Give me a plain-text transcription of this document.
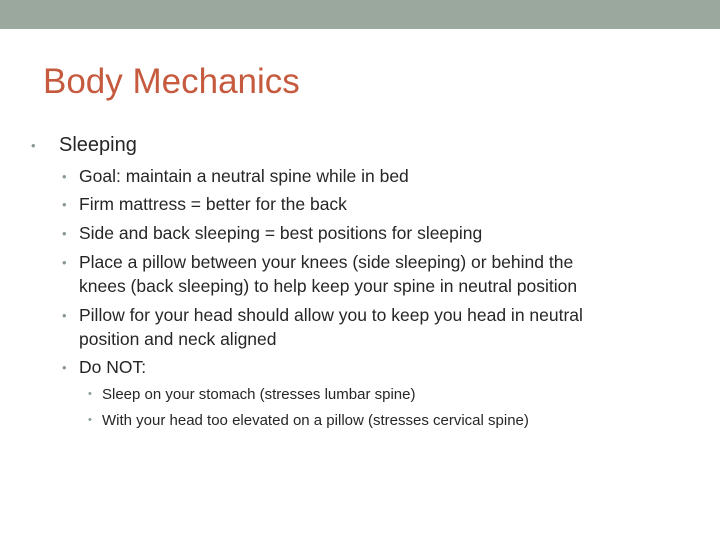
Body Mechanics
• Sleeping
• Goal: maintain a neutral spine while in bed
• Firm mattress = better for the back
• Side and back sleeping = best positions for sleeping
• Place a pillow between your knees (side sleeping) or behind the
knees (back sleeping) to help keep your spine in neutral position
• Pillow for your head should allow you to keep you head in neutral
position and neck aligned
• Do NOT:
• Sleep on your stomach (stresses lumbar spine)
• With your head too elevated on a pillow (stresses cervical spine)
